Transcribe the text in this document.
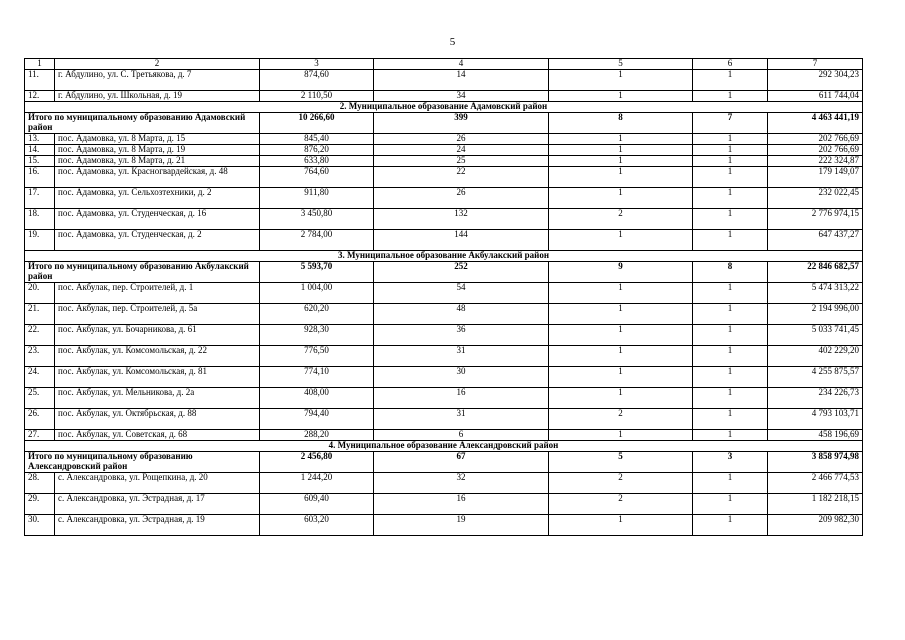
5
1	2	3	4	5	6	7
11.	г. Абдулино, ул. С. Третьякова, д. 7	874,60	14	1	1	292 304,23
12.	г. Абдулино, ул. Школьная, д. 19	2 110,50	34	1	1	611 744,04
2. Муниципальное образование Адамовский район						
Итого по муниципальному образованию Адамовский район		10 266,60	399	8	7	4 463 441,19
13.	пос. Адамовка, ул. 8 Марта, д. 15	845,40	26	1	1	202 766,69
14.	пос. Адамовка, ул. 8 Марта, д. 19	876,20	24	1	1	202 766,69
15.	пос. Адамовка, ул. 8 Марта, д. 21	633,80	25	1	1	222 324,87
16.	пос. Адамовка, ул. Красногвардейская, д. 48	764,60	22	1	1	179 149,07
17.	пос. Адамовка, ул. Сельхозтехники, д. 2	911,80	26	1	1	232 022,45
18.	пос. Адамовка, ул. Студенческая, д. 16	3 450,80	132	2	1	2 776 974,15
19.	пос. Адамовка, ул. Студенческая, д. 2	2 784,00	144	1	1	647 437,27
3. Муниципальное образование Акбулакский район						
Итого по муниципальному образованию Акбулакский район		5 593,70	252	9	8	22 846 682,57
20.	пос. Акбулак, пер. Строителей, д. 1	1 004,00	54	1	1	5 474 313,22
21.	пос. Акбулак, пер. Строителей, д. 5а	620,20	48	1	1	2 194 996,00
22.	пос. Акбулак, ул. Бочарникова, д. 61	928,30	36	1	1	5 033 741,45
23.	пос. Акбулак, ул. Комсомольская, д. 22	776,50	31	1	1	402 229,20
24.	пос. Акбулак, ул. Комсомольская, д. 81	774,10	30	1	1	4 255 875,57
25.	пос. Акбулак, ул. Мельникова, д. 2а	408,00	16	1	1	234 226,73
26.	пос. Акбулак, ул. Октябрьская, д. 88	794,40	31	2	1	4 793 103,71
27.	пос. Акбулак, ул. Советская, д. 68	288,20	6	1	1	458 196,69
4. Муниципальное образование Александровский район						
Итого по муниципальному образованию Александровский район		2 456,80	67	5	3	3 858 974,98
28.	с. Александровка, ул. Рощепкина, д. 20	1 244,20	32	2	1	2 466 774,53
29.	с. Александровка, ул. Эстрадная, д. 17	609,40	16	2	1	1 182 218,15
30.	с. Александровка, ул. Эстрадная, д. 19	603,20	19	1	1	209 982,30
